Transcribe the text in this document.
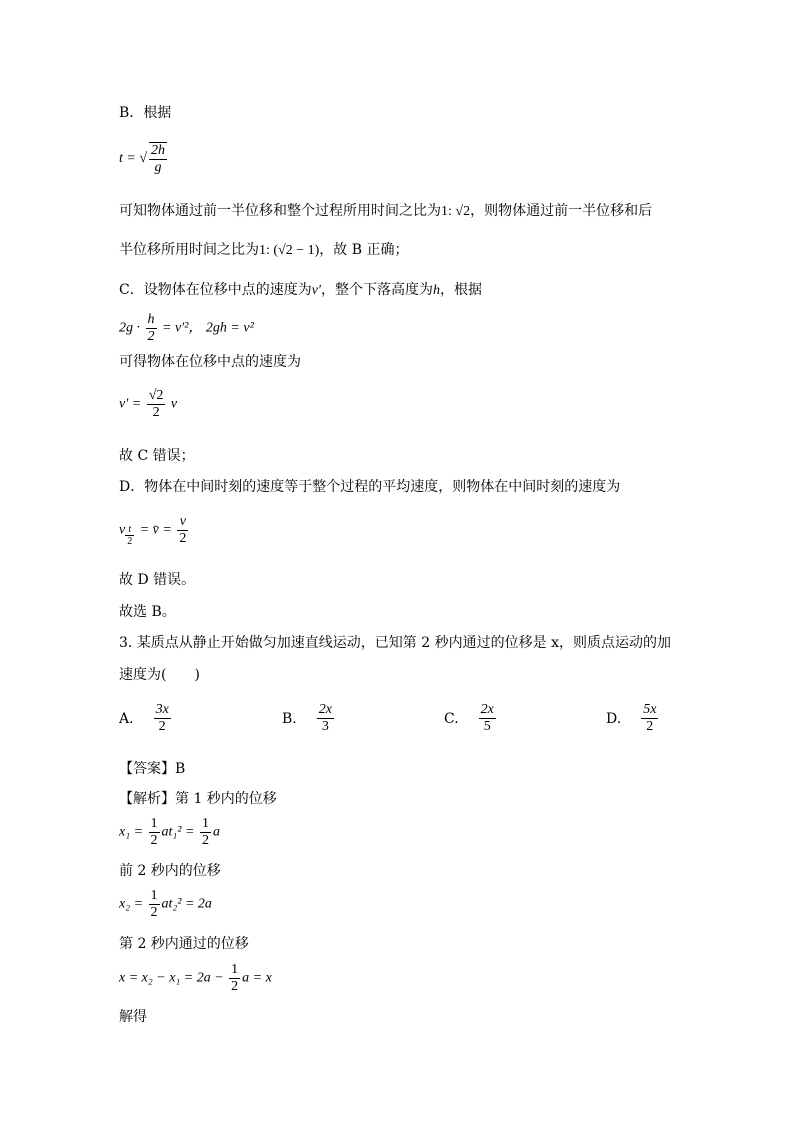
B．根据
t = √ $\frac{2h}{g}$
可知物体通过前一半位移和整个过程所用时间之比为1: √2，则物体通过前一半位移和后
半位移所用时间之比为1: (√2 − 1)，故 B 正确；
C．设物体在位移中点的速度为v′，整个下落高度为h，根据
$2g \cdot \frac{h}{2} = v'^2$， 2gh = v²
可得物体在位移中点的速度为
$v' = \frac{√2}{2}$ v
故 C 错误；
D．物体在中间时刻的速度等于整个过程的平均速度，则物体在中间时刻的速度为
v $\frac{t}{2}$ = v̄ = $\frac{v}{2}$
故 D 错误。
故选 B。
3. 某质点从静止开始做匀加速直线运动，已知第 2 秒内通过的位移是 x，则质点运动的加
速度为(　　)
A. $\frac{3x}{2}$	B. $\frac{2x}{3}$	C. $\frac{2x}{5}$	D. $\frac{5x}{2}$
【答案】B
【解析】第 1 秒内的位移
$x_1 = \frac{1}{2} at_1^2 = \frac{1}{2}$ a
前 2 秒内的位移
$x_2 = \frac{1}{2} at_2^2 = 2a$
第 2 秒内通过的位移
$x = x_2 - x_1 = 2a - \frac{1}{2}$ a = x
解得
